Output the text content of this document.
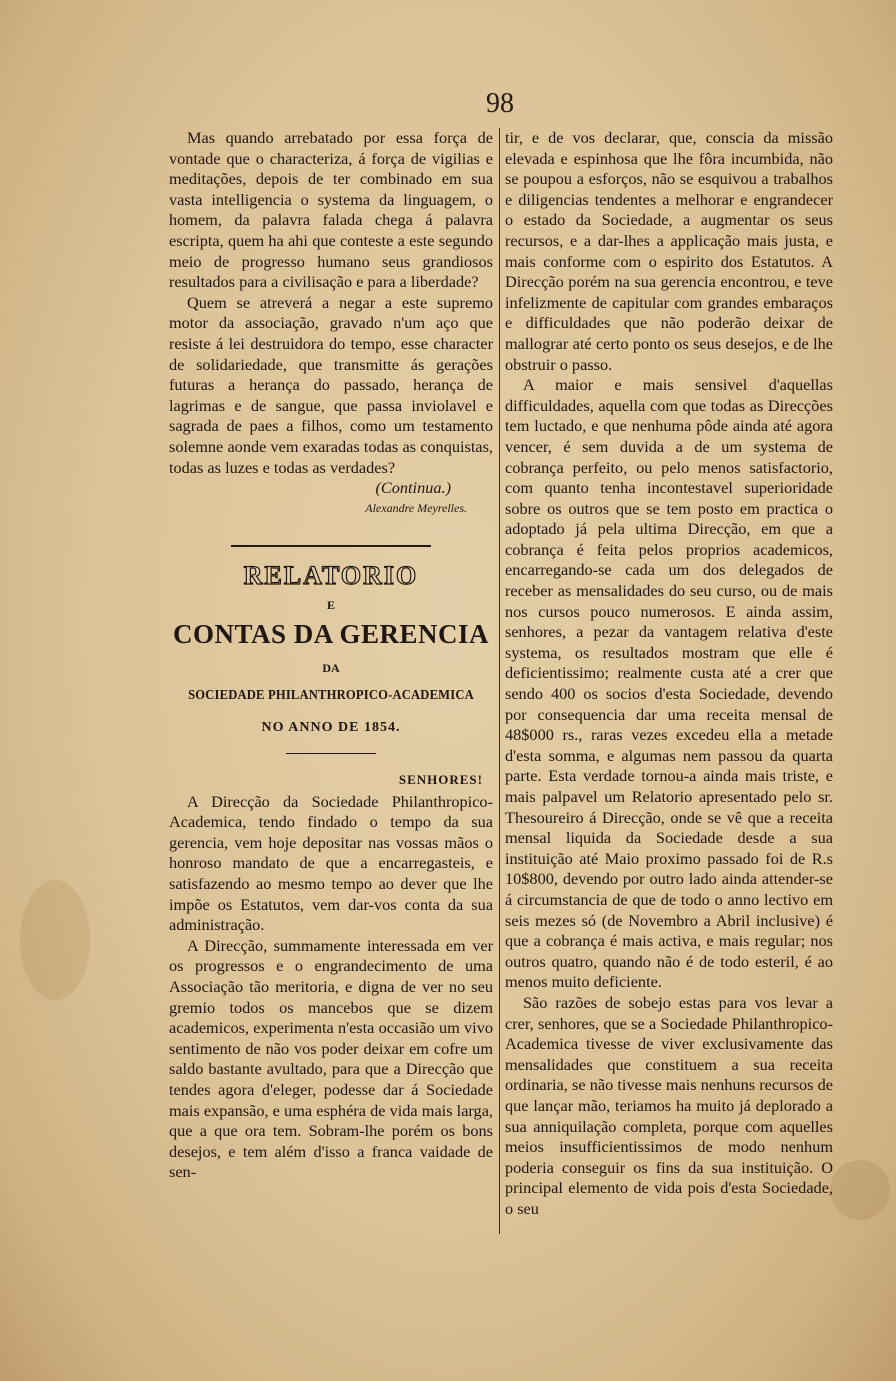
98

Mas quando arrebatado por essa força de vontade que o characteriza, á força de vigilias e meditações, depois de ter combinado em sua vasta intelligencia o systema da linguagem, o homem, da palavra falada chega á palavra escripta, quem ha ahi que conteste a este segundo meio de progresso humano seus grandiosos resultados para a civilisação e para a liberdade?

Quem se atreverá a negar a este supremo motor da associação, gravado n'um aço que resiste á lei destruidora do tempo, esse character de solidariedade, que transmitte ás gerações futuras a herança do passado, herança de lagrimas e de sangue, que passa inviolavel e sagrada de paes a filhos, como um testamento solemne aonde vem exaradas todas as conquistas, todas as luzes e todas as verdades?

(Continua.)

Alexandre Meyrelles.

RELATORIO
E
CONTAS DA GERENCIA
DA
SOCIEDADE PHILANTHROPICO-ACADEMICA
NO ANNO DE 1854.
SENHORES!

A Direcção da Sociedade Philanthropico-Academica, tendo findado o tempo da sua gerencia, vem hoje depositar nas vossas mãos o honroso mandato de que a encarregasteis, e satisfazendo ao mesmo tempo ao dever que lhe impõe os Estatutos, vem dar-vos conta da sua administração.

A Direcção, summamente interessada em ver os progressos e o engrandecimento de uma Associação tão meritoria, e digna de ver no seu gremio todos os mancebos que se dizem academicos, experimenta n'esta occasião um vivo sentimento de não vos poder deixar em cofre um saldo bastante avultado, para que a Direcção que tendes agora d'eleger, podesse dar á Sociedade mais expansão, e uma esphéra de vida mais larga, que a que ora tem. Sobram-lhe porém os bons desejos, e tem além d'isso a franca vaidade de sen-

tir, e de vos declarar, que, conscia da missão elevada e espinhosa que lhe fôra incumbida, não se poupou a esforços, não se esquivou a trabalhos e diligencias tendentes a melhorar e engrandecer o estado da Sociedade, a augmentar os seus recursos, e a dar-lhes a applicação mais justa, e mais conforme com o espirito dos Estatutos. A Direcção porém na sua gerencia encontrou, e teve infelizmente de capitular com grandes embaraços e difficuldades que não poderão deixar de mallograr até certo ponto os seus desejos, e de lhe obstruir o passo.

A maior e mais sensivel d'aquellas difficuldades, aquella com que todas as Direcções tem luctado, e que nenhuma pôde ainda até agora vencer, é sem duvida a de um systema de cobrança perfeito, ou pelo menos satisfactorio, com quanto tenha incontestavel superioridade sobre os outros que se tem posto em practica o adoptado já pela ultima Direcção, em que a cobrança é feita pelos proprios academicos, encarregando-se cada um dos delegados de receber as mensalidades do seu curso, ou de mais nos cursos pouco numerosos. E ainda assim, senhores, a pezar da vantagem relativa d'este systema, os resultados mostram que elle é deficientissimo; realmente custa até a crer que sendo 400 os socios d'esta Sociedade, devendo por consequencia dar uma receita mensal de 48$000 rs., raras vezes excedeu ella a metade d'esta somma, e algumas nem passou da quarta parte. Esta verdade tornou-a ainda mais triste, e mais palpavel um Relatorio apresentado pelo sr. Thesoureiro á Direcção, onde se vê que a receita mensal liquida da Sociedade desde a sua instituição até Maio proximo passado foi de R.s 10$800, devendo por outro lado ainda attender-se á circumstancia de que de todo o anno lectivo em seis mezes só (de Novembro a Abril inclusive) é que a cobrança é mais activa, e mais regular; nos outros quatro, quando não é de todo esteril, é ao menos muito deficiente.

São razões de sobejo estas para vos levar a crer, senhores, que se a Sociedade Philanthropico-Academica tivesse de viver exclusivamente das mensalidades que constituem a sua receita ordinaria, se não tivesse mais nenhuns recursos de que lançar mão, teriamos ha muito já deplorado a sua anniquilação completa, porque com aquelles meios insufficientissimos de modo nenhum poderia conseguir os fins da sua instituição. O principal elemento de vida pois d'esta Sociedade, o seu
